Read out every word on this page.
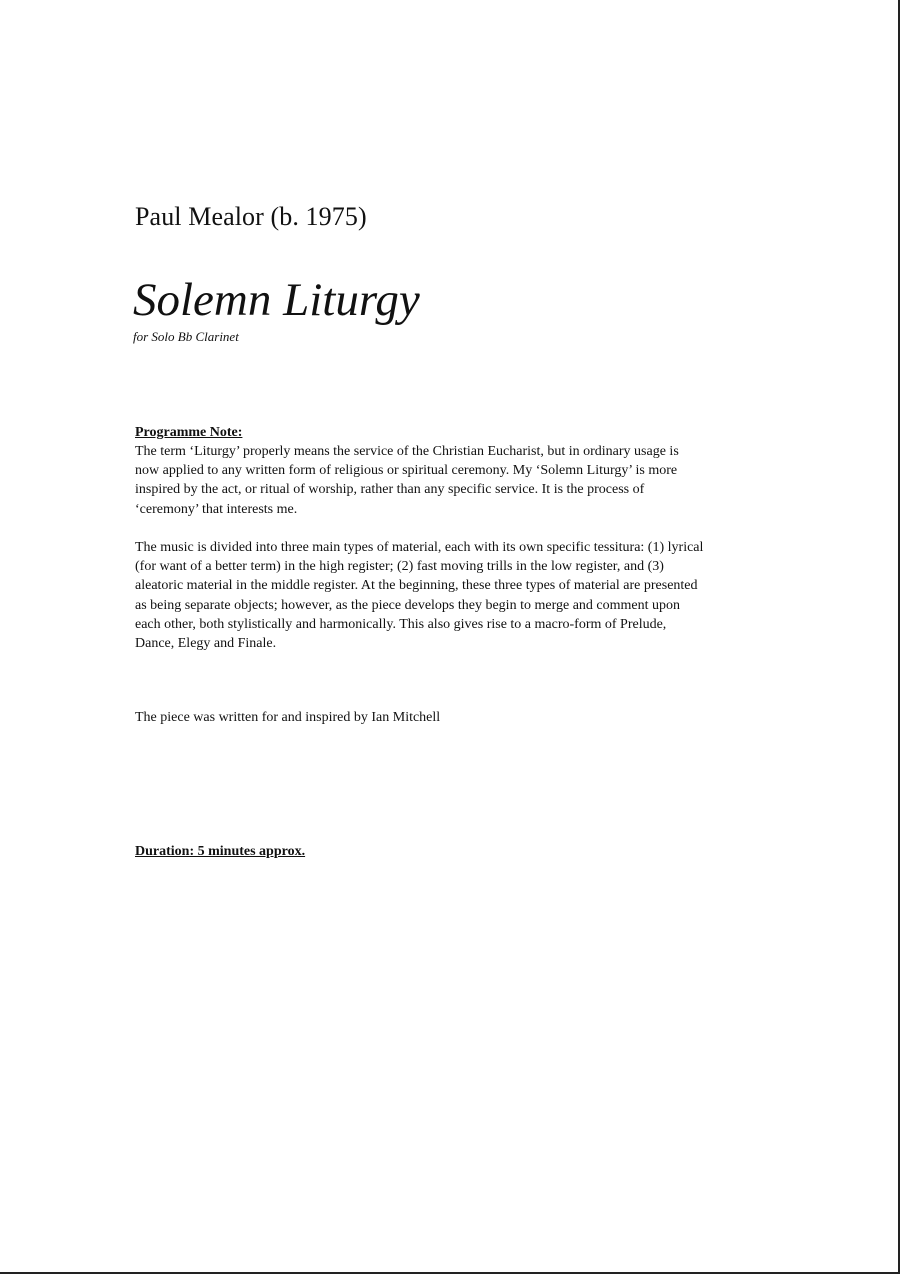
Paul Mealor (b. 1975)
Solemn Liturgy
for Solo Bb Clarinet
Programme Note:

The term ‘Liturgy’ properly means the service of the Christian Eucharist, but in ordinary usage is now applied to any written form of religious or spiritual ceremony. My ‘Solemn Liturgy’ is more inspired by the act, or ritual of worship, rather than any specific service. It is the process of ‘ceremony’ that interests me.

The music is divided into three main types of material, each with its own specific tessitura: (1) lyrical (for want of a better term) in the high register; (2) fast moving trills in the low register, and (3) aleatoric material in the middle register. At the beginning, these three types of material are presented as being separate objects; however, as the piece develops they begin to merge and comment upon each other, both stylistically and harmonically. This also gives rise to a macro-form of Prelude, Dance, Elegy and Finale.

The piece was written for and inspired by Ian Mitchell

Duration: 5 minutes approx.
